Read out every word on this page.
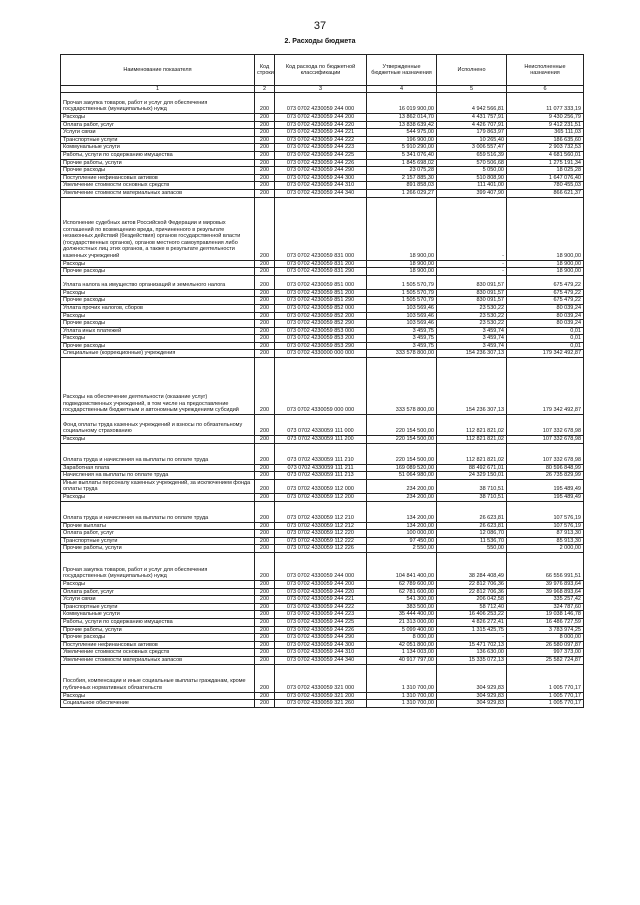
37
2. Расходы бюджета
Наименование показателя	Код строки	Код расхода по бюджетной классификации	Утвержденные бюджетные назначения	Исполнено	Неисполненные назначения
1	2	3	4	5	6
Прочая закупка товаров, работ и услуг для обеспечения государственных (муниципальных) нужд	200	073 0702 4230059 244 000	16 019 900,00	4 942 566,81	11 077 333,19
Расходы	200	073 0702 4230059 244 200	13 862 014,70	4 431 757,91	9 430 256,79
Оплата работ, услуг	200	073 0702 4230059 244 220	13 838 639,42	4 426 707,91	9 412 231,51
Услуги связи	200	073 0702 4230059 244 221	544 975,00	179 863,97	365 111,03
Транспортные услуги	200	073 0702 4230059 244 222	196 900,00	10 265,40	186 635,60
Коммунальные услуги	200	073 0702 4230059 244 223	5 910 290,00	3 006 557,47	2 903 732,53
Работы, услуги по содержанию имущества	200	073 0702 4230059 244 225	5 341 076,40	659 516,39	4 681 560,01
Прочие работы, услуги	200	073 0702 4230059 244 226	1 845 698,02	570 506,68	1 275 191,34
Прочие расходы	200	073 0702 4230059 244 290	23 075,28	5 050,00	18 025,28
Поступление нефинансовых активов	200	073 0702 4230059 244 300	2 157 885,30	510 808,90	1 647 076,40
Увеличение стоимости основных средств	200	073 0702 4230059 244 310	891 858,03	111 401,00	780 455,03
Увеличение стоимости материальных запасов	200	073 0702 4230059 244 340	1 266 029,27	399 407,90	866 621,37
Исполнение судебных актов Российской Федерации и мировых соглашений по возмещению вреда, причиненного в результате незаконных действий (бездействия) органов государственной власти (государственных органов), органов местного самоуправления либо должностных лиц этих органов, а также в результате деятельности казенных учреждений	200	073 0702 4230059 831 000	18 900,00	-	18 900,00
Расходы	200	073 0702 4230059 831 200	18 900,00	-	18 900,00
Прочие расходы	200	073 0702 4230059 831 290	18 900,00	-	18 900,00
Уплата налога на имущество организаций и земельного налога	200	073 0702 4230059 851 000	1 505 570,79	830 091,57	675 479,22
Расходы	200	073 0702 4230059 851 200	1 505 570,79	830 091,57	675 479,22
Прочие расходы	200	073 0702 4230059 851 290	1 505 570,79	830 091,57	675 479,22
Уплата прочих налогов, сборов	200	073 0702 4230059 852 000	103 569,46	23 530,22	80 039,24
Расходы	200	073 0702 4230059 852 200	103 569,46	23 530,22	80 039,24
Прочие расходы	200	073 0702 4230059 852 290	103 569,46	23 530,22	80 039,24
Уплата иных платежей	200	073 0702 4230059 853 000	3 459,75	3 459,74	0,01
Расходы	200	073 0702 4230059 853 200	3 459,75	3 459,74	0,01
Прочие расходы	200	073 0702 4230059 853 290	3 459,75	3 459,74	0,01
Специальные (коррекционные) учреждения	200	073 0702 4330000 000 000	333 578 800,00	154 236 307,13	179 342 492,87
Расходы на обеспечение деятельности (оказание услуг) подведомственных учреждений, в том числе на предоставление государственным бюджетным и автономным учреждениям субсидий	200	073 0702 4330059 000 000	333 578 800,00	154 236 307,13	179 342 492,87
Фонд оплаты труда казенных учреждений и взносы по обязательному социальному страхованию	200	073 0702 4330059 111 000	220 154 500,00	112 821 821,02	107 332 678,98
Расходы	200	073 0702 4330059 111 200	220 154 500,00	112 821 821,02	107 332 678,98
Оплата труда и начисления на выплаты по оплате труда	200	073 0702 4330059 111 210	220 154 500,00	112 821 821,02	107 332 678,98
Заработная плата	200	073 0702 4330059 111 211	169 089 520,00	88 492 671,01	80 596 848,99
Начисления на выплаты по оплате труда	200	073 0702 4330059 111 213	51 064 980,00	24 329 150,01	26 735 829,99
Иные выплаты персоналу казенных учреждений, за исключением фонда оплаты труда	200	073 0702 4330059 112 000	234 200,00	38 710,51	195 489,49
Расходы	200	073 0702 4330059 112 200	234 200,00	38 710,51	195 489,49
Оплата труда и начисления на выплаты по оплате труда	200	073 0702 4330059 112 210	134 200,00	26 623,81	107 576,19
Прочие выплаты	200	073 0702 4330059 112 212	134 200,00	26 623,81	107 576,19
Оплата работ, услуг	200	073 0702 4330059 112 220	100 000,00	12 086,70	87 913,30
Транспортные услуги	200	073 0702 4330059 112 222	97 450,00	11 536,70	85 913,30
Прочие работы, услуги	200	073 0702 4330059 112 226	2 550,00	550,00	2 000,00
Прочая закупка товаров, работ и услуг для обеспечения государственных (муниципальных) нужд	200	073 0702 4330059 244 000	104 841 400,00	38 284 408,49	66 556 991,51
Расходы	200	073 0702 4330059 244 200	62 789 600,00	22 812 706,36	39 976 893,64
Оплата работ, услуг	200	073 0702 4330059 244 220	62 781 600,00	22 812 706,36	39 968 893,64
Услуги связи	200	073 0702 4330059 244 221	541 300,00	206 042,58	335 257,42
Транспортные услуги	200	073 0702 4330059 244 222	383 500,00	58 712,40	324 787,60
Коммунальные услуги	200	073 0702 4330059 244 223	35 444 400,00	16 406 253,22	19 038 146,78
Работы, услуги по содержанию имущества	200	073 0702 4330059 244 225	21 313 000,00	4 826 272,41	16 486 727,59
Прочие работы, услуги	200	073 0702 4330059 244 226	5 099 400,00	1 315 425,75	3 783 974,25
Прочие расходы	200	073 0702 4330059 244 290	8 000,00	-	8 000,00
Поступление нефинансовых активов	200	073 0702 4330059 244 300	42 051 800,00	15 471 702,13	26 580 097,87
Увеличение стоимости основных средств	200	073 0702 4330059 244 310	1 134 003,00	136 630,00	997 373,00
Увеличение стоимости материальных запасов	200	073 0702 4330059 244 340	40 917 797,00	15 335 072,13	25 582 724,87
Пособия, компенсации и иные социальные выплаты гражданам, кроме публичных нормативных обязательств	200	073 0702 4330059 321 000	1 310 700,00	304 929,83	1 005 770,17
Расходы	200	073 0702 4330059 321 200	1 310 700,00	304 929,83	1 005 770,17
Социальное обеспечение	200	073 0702 4330059 321 260	1 310 700,00	304 929,83	1 005 770,17
